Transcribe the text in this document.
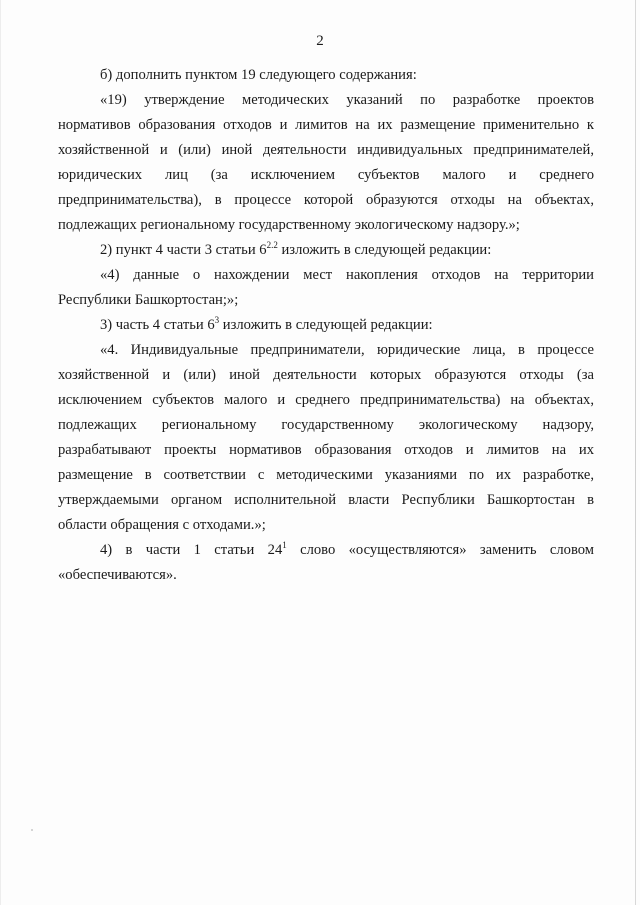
2

б) дополнить пунктом 19 следующего содержания:

«19) утверждение методических указаний по разработке проектов

нормативов образования отходов и лимитов на их размещение применительно к

хозяйственной и (или) иной деятельности индивидуальных предпринимателей,

юридических лиц (за исключением субъектов малого и среднего

предпринимательства), в процессе которой образуются отходы на объектах,

подлежащих региональному государственному экологическому надзору.»;

2) пункт 4 части 3 статьи $6^{2.2}$ изложить в следующей редакции:

«4) данные о нахождении мест накопления отходов на территории

Республики Башкортостан;»;

3) часть 4 статьи $6^3$ изложить в следующей редакции:

«4. Индивидуальные предприниматели, юридические лица, в процессе

хозяйственной и (или) иной деятельности которых образуются отходы (за

исключением субъектов малого и среднего предпринимательства) на объектах,

подлежащих региональному государственному экологическому надзору,

разрабатывают проекты нормативов образования отходов и лимитов на их

размещение в соответствии с методическими указаниями по их разработке,

утверждаемыми органом исполнительной власти Республики Башкортостан в

области обращения с отходами.»;

4) в части 1 статьи $24^1$ слово «осуществляются» заменить словом

«обеспечиваются».
